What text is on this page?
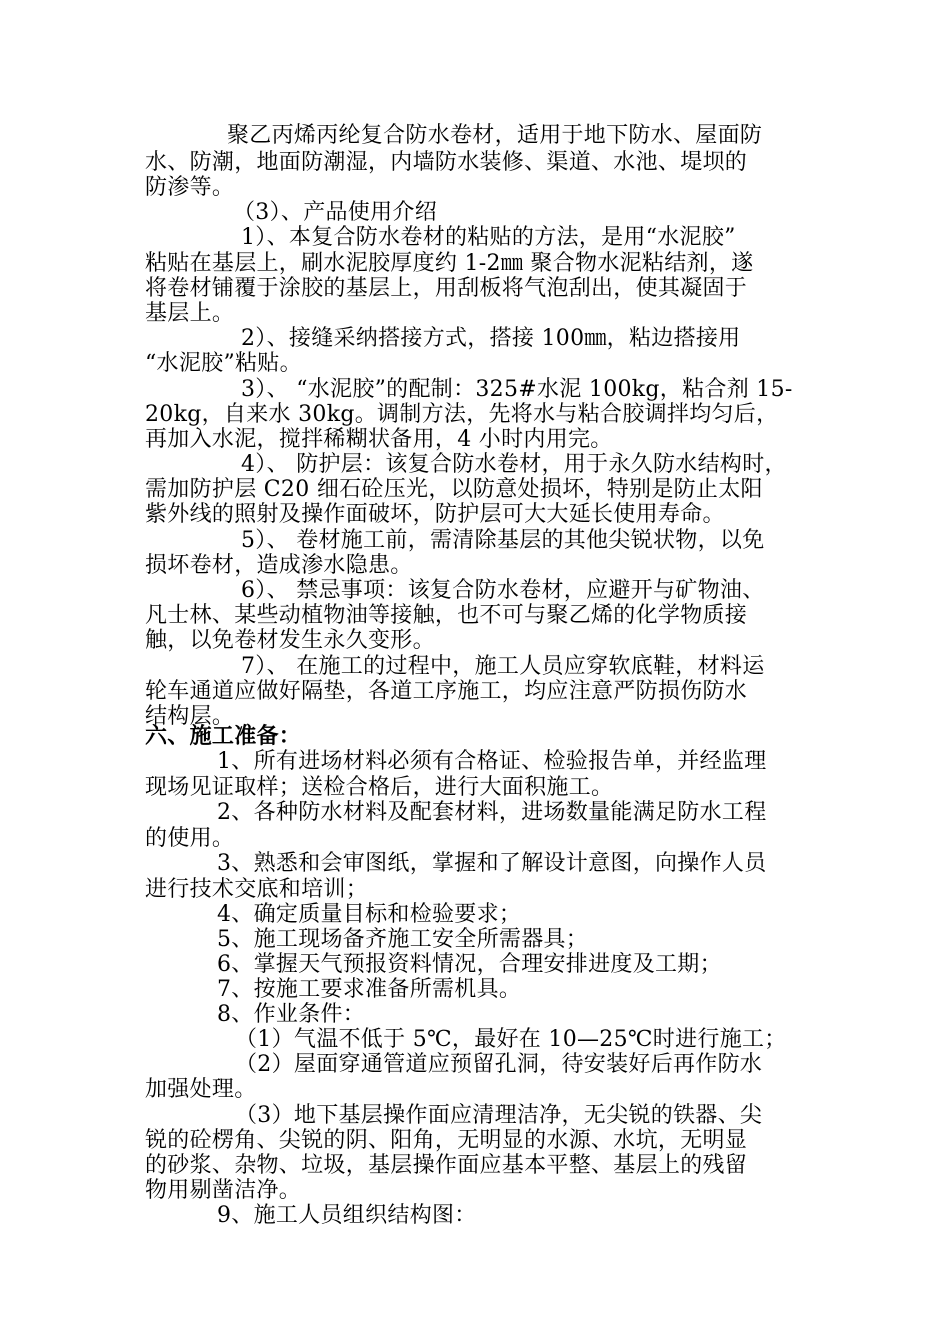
聚乙丙烯丙纶复合防水卷材，适用于地下防水、屋面防
水、防潮，地面防潮湿，内墙防水装修、渠道、水池、堤坝的
防渗等。
（3）、产品使用介绍
1）、本复合防水卷材的粘贴的方法，是用“水泥胶”
粘贴在基层上，刷水泥胶厚度约 1-2㎜ 聚合物水泥粘结剂，遂
将卷材铺覆于涂胶的基层上，用刮板将气泡刮出，使其凝固于
基层上。
2）、接缝采纳搭接方式，搭接 100㎜，粘边搭接用
“水泥胶”粘贴。
3）、 “水泥胶”的配制：325#水泥 100kg，粘合剂 15-
20kg，自来水 30kg。调制方法，先将水与粘合胶调拌均匀后，
再加入水泥，搅拌稀糊状备用，4 小时内用完。
4）、 防护层：该复合防水卷材，用于永久防水结构时，
需加防护层 C20 细石砼压光，以防意处损坏，特别是防止太阳
紫外线的照射及操作面破坏，防护层可大大延长使用寿命。
5）、 卷材施工前，需清除基层的其他尖锐状物，以免
损坏卷材，造成渗水隐患。
6）、 禁忌事项：该复合防水卷材，应避开与矿物油、
凡士林、某些动植物油等接触，也不可与聚乙烯的化学物质接
触，以免卷材发生永久变形。
7）、 在施工的过程中，施工人员应穿软底鞋，材料运
轮车通道应做好隔垫，各道工序施工，均应注意严防损伤防水
结构层。
六、施工准备：
1、所有进场材料必须有合格证、检验报告单，并经监理
现场见证取样；送检合格后，进行大面积施工。
2、各种防水材料及配套材料，进场数量能满足防水工程
的使用。
3、熟悉和会审图纸，掌握和了解设计意图，向操作人员
进行技术交底和培训；
4、确定质量目标和检验要求；
5、施工现场备齐施工安全所需器具；
6、掌握天气预报资料情况，合理安排进度及工期；
7、按施工要求准备所需机具。
8、作业条件：
（1）气温不低于 5℃，最好在 10—25℃时进行施工；
（2）屋面穿通管道应预留孔洞，待安装好后再作防水
加强处理。
（3）地下基层操作面应清理洁净，无尖锐的铁器、尖
锐的砼楞角、尖锐的阴、阳角，无明显的水源、水坑，无明显
的砂浆、杂物、垃圾，基层操作面应基本平整、基层上的残留
物用剔凿洁净。
9、施工人员组织结构图：
